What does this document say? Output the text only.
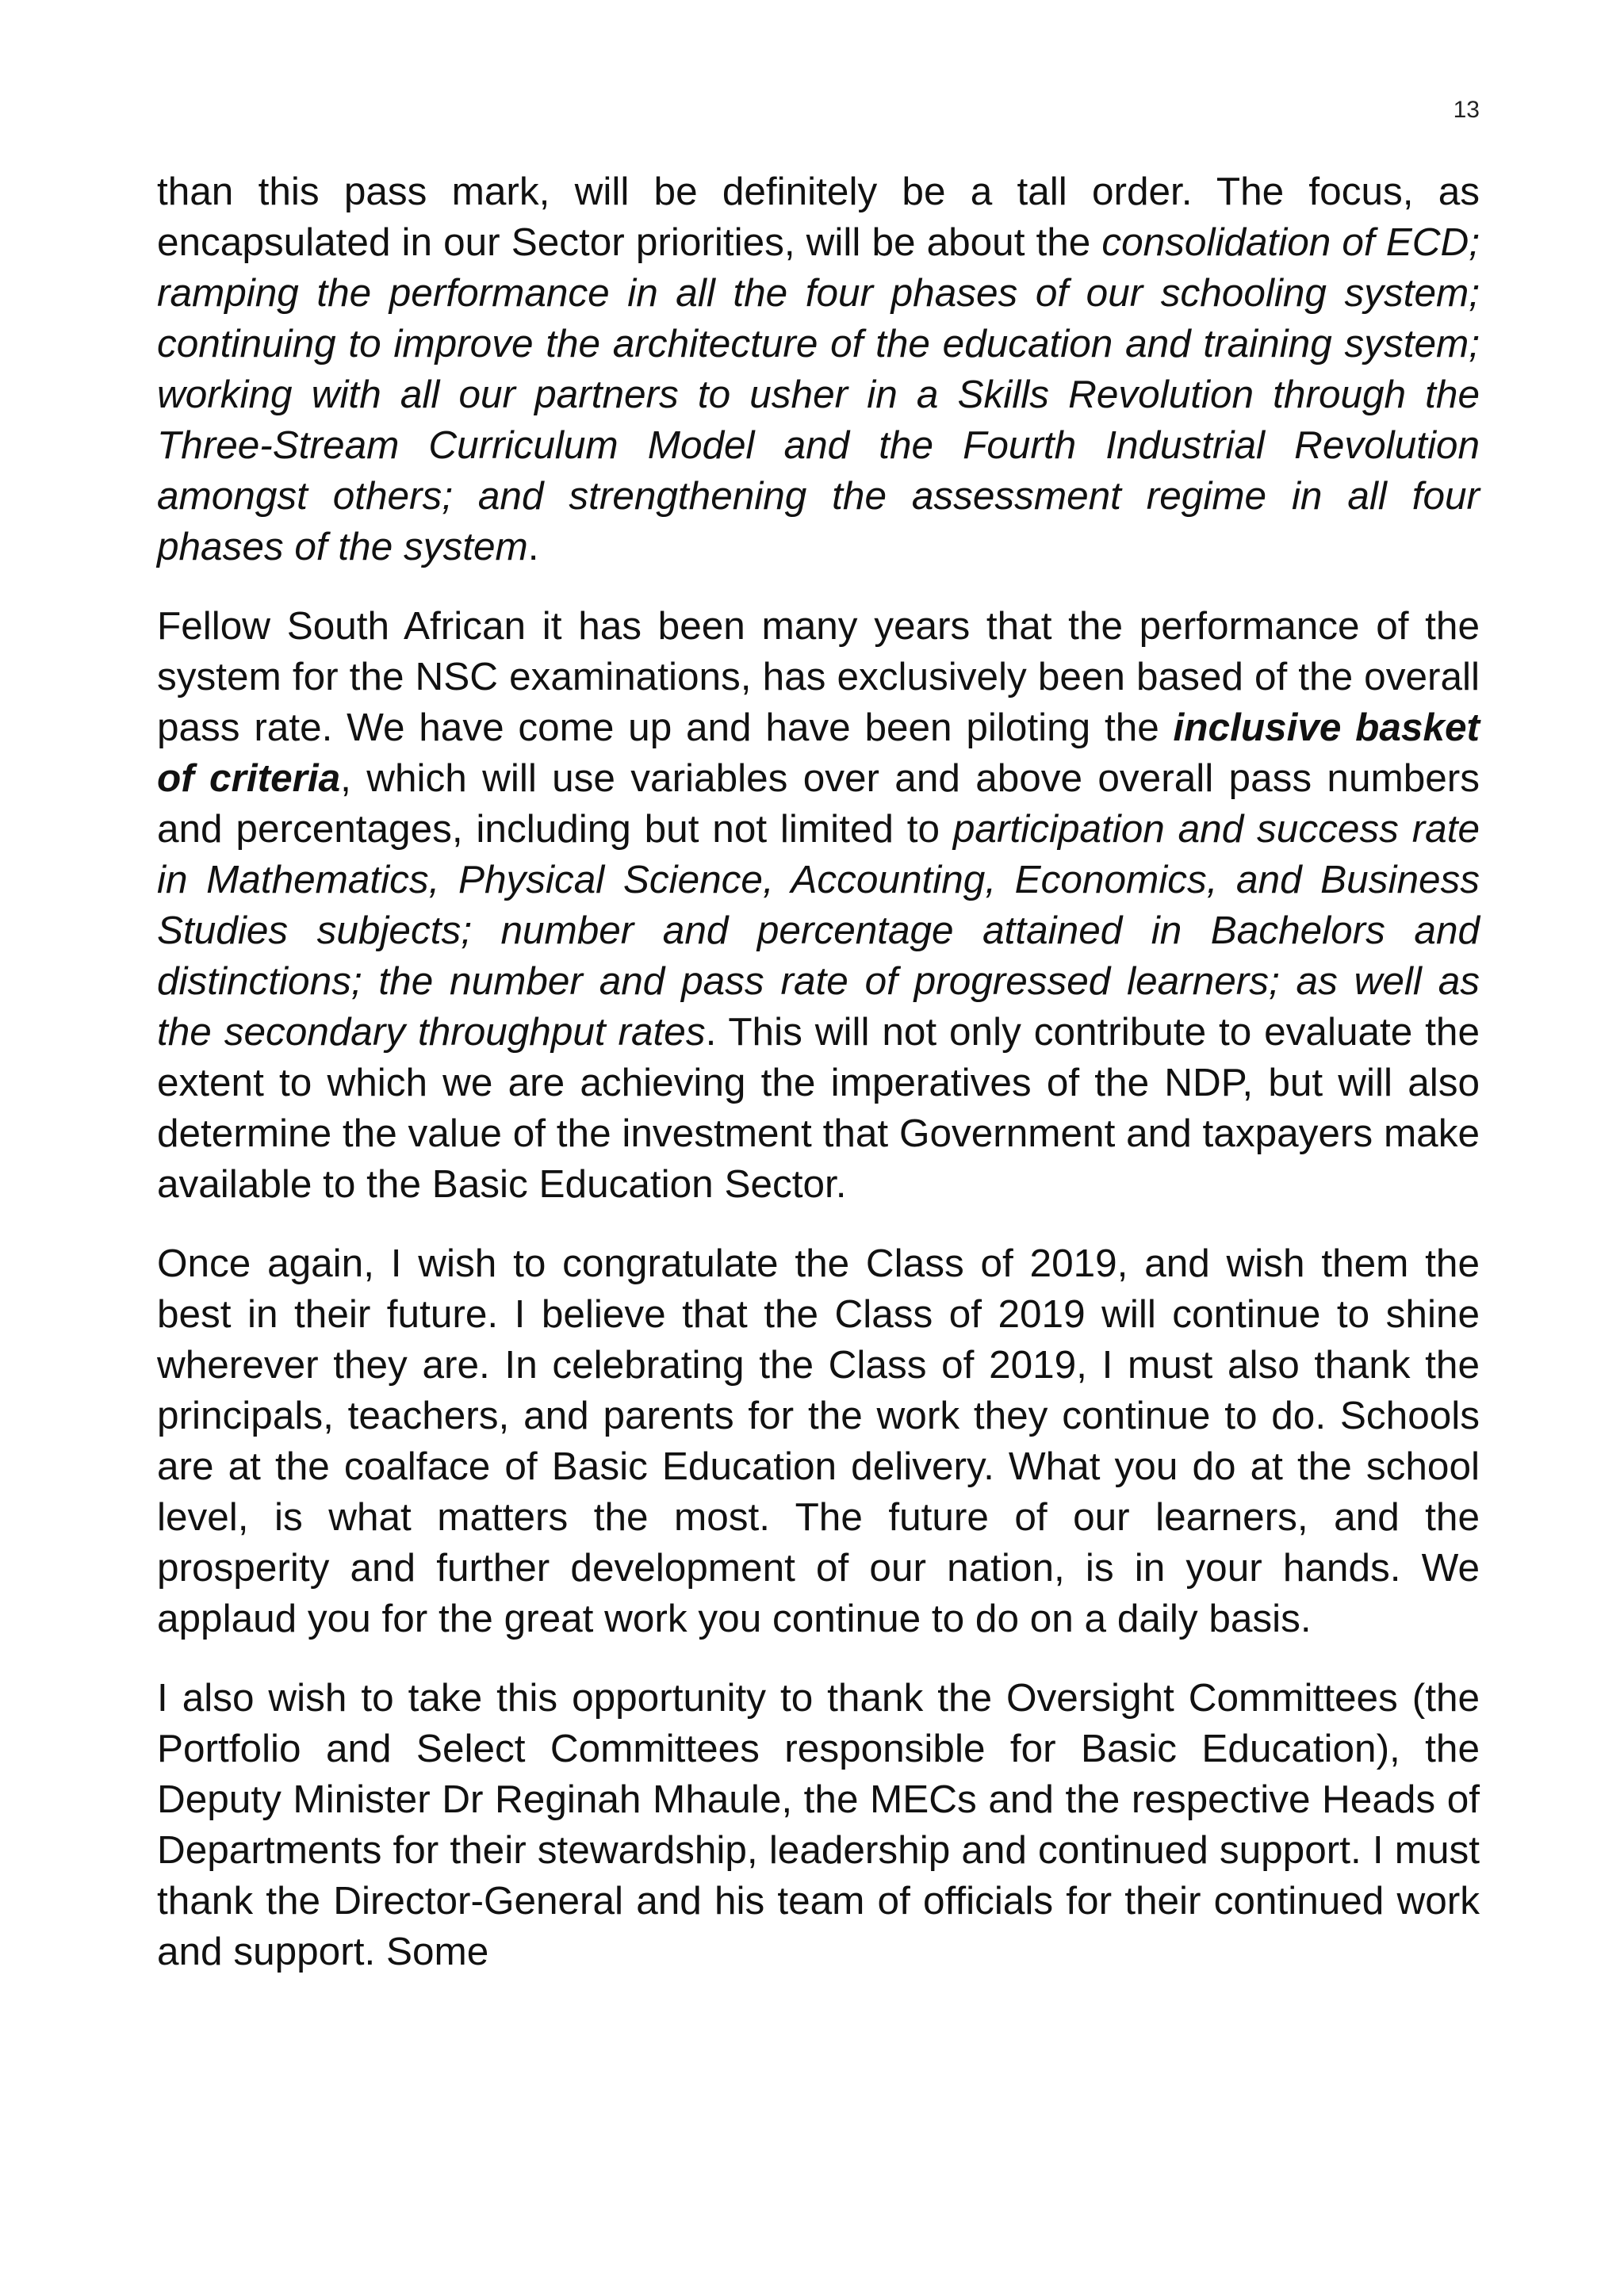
13

than this pass mark, will be definitely be a tall order. The focus, as encapsulated in our Sector priorities, will be about the consolidation of ECD; ramping the performance in all the four phases of our schooling system; continuing to improve the architecture of the education and training system; working with all our partners to usher in a Skills Revolution through the Three-Stream Curriculum Model and the Fourth Industrial Revolution amongst others; and strengthening the assessment regime in all four phases of the system.

Fellow South African it has been many years that the performance of the system for the NSC examinations, has exclusively been based of the overall pass rate. We have come up and have been piloting the inclusive basket of criteria, which will use variables over and above overall pass numbers and percentages, including but not limited to participation and success rate in Mathematics, Physical Science, Accounting, Economics, and Business Studies subjects; number and percentage attained in Bachelors and distinctions; the number and pass rate of progressed learners; as well as the secondary throughput rates. This will not only contribute to evaluate the extent to which we are achieving the imperatives of the NDP, but will also determine the value of the investment that Government and taxpayers make available to the Basic Education Sector.

Once again, I wish to congratulate the Class of 2019, and wish them the best in their future. I believe that the Class of 2019 will continue to shine wherever they are. In celebrating the Class of 2019, I must also thank the principals, teachers, and parents for the work they continue to do. Schools are at the coalface of Basic Education delivery. What you do at the school level, is what matters the most. The future of our learners, and the prosperity and further development of our nation, is in your hands. We applaud you for the great work you continue to do on a daily basis.

I also wish to take this opportunity to thank the Oversight Committees (the Portfolio and Select Committees responsible for Basic Education), the Deputy Minister Dr Reginah Mhaule, the MECs and the respective Heads of Departments for their stewardship, leadership and continued support. I must thank the Director-General and his team of officials for their continued work and support. Some
